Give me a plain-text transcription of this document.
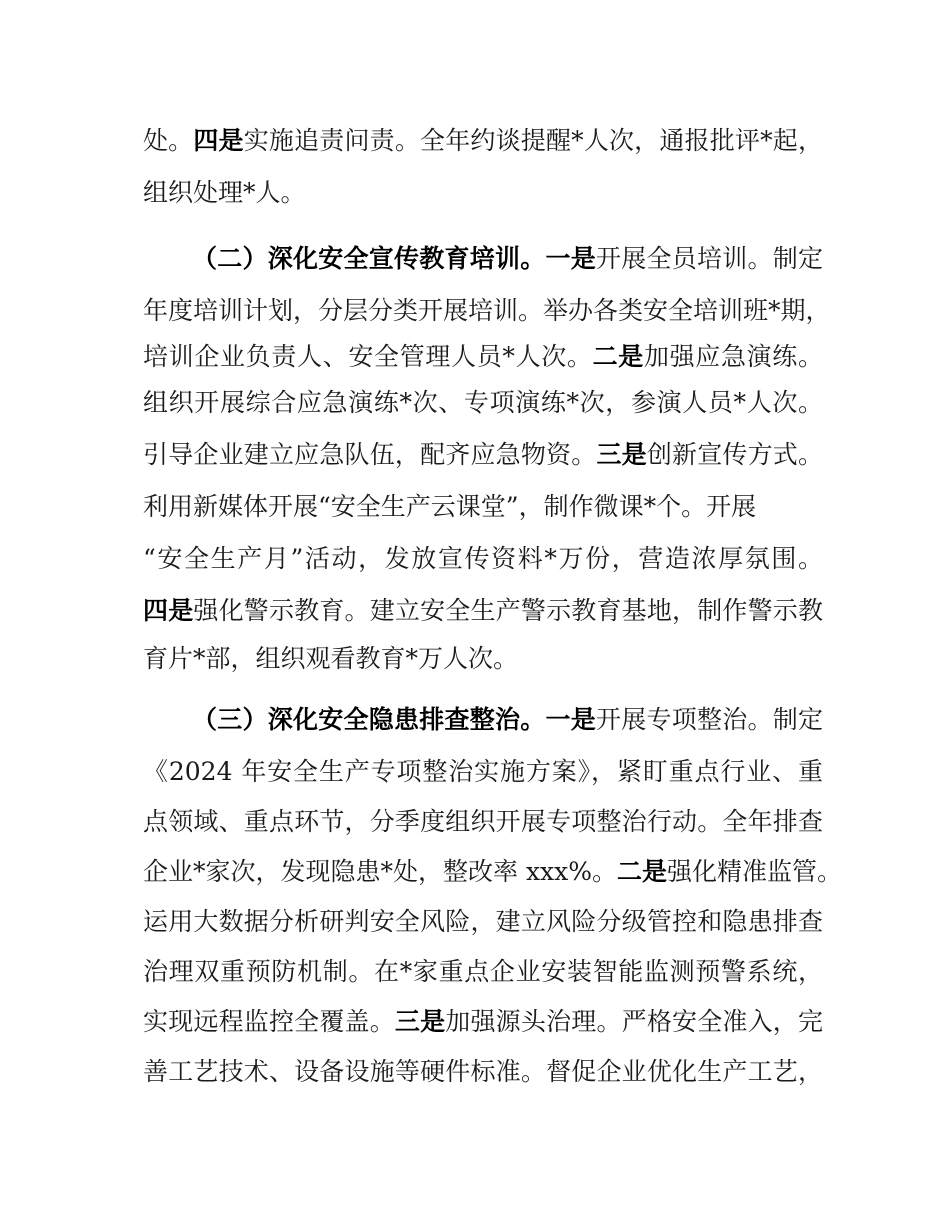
处。四是实施追责问责。全年约谈提醒*人次，通报批评*起，
组织处理*人。
（二）深化安全宣传教育培训。一是开展全员培训。制定
年度培训计划，分层分类开展培训。举办各类安全培训班*期，
培训企业负责人、安全管理人员*人次。二是加强应急演练。
组织开展综合应急演练*次、专项演练*次，参演人员*人次。
引导企业建立应急队伍，配齐应急物资。三是创新宣传方式。
利用新媒体开展“安全生产云课堂”，制作微课*个。开展
“安全生产月”活动，发放宣传资料*万份，营造浓厚氛围。
四是强化警示教育。建立安全生产警示教育基地，制作警示教
育片*部，组织观看教育*万人次。
（三）深化安全隐患排查整治。一是开展专项整治。制定
《2024 年安全生产专项整治实施方案》，紧盯重点行业、重
点领域、重点环节，分季度组织开展专项整治行动。全年排查
企业*家次，发现隐患*处，整改率 xxx%。二是强化精准监管。
运用大数据分析研判安全风险，建立风险分级管控和隐患排查
治理双重预防机制。在*家重点企业安装智能监测预警系统，
实现远程监控全覆盖。三是加强源头治理。严格安全准入，完
善工艺技术、设备设施等硬件标准。督促企业优化生产工艺，
